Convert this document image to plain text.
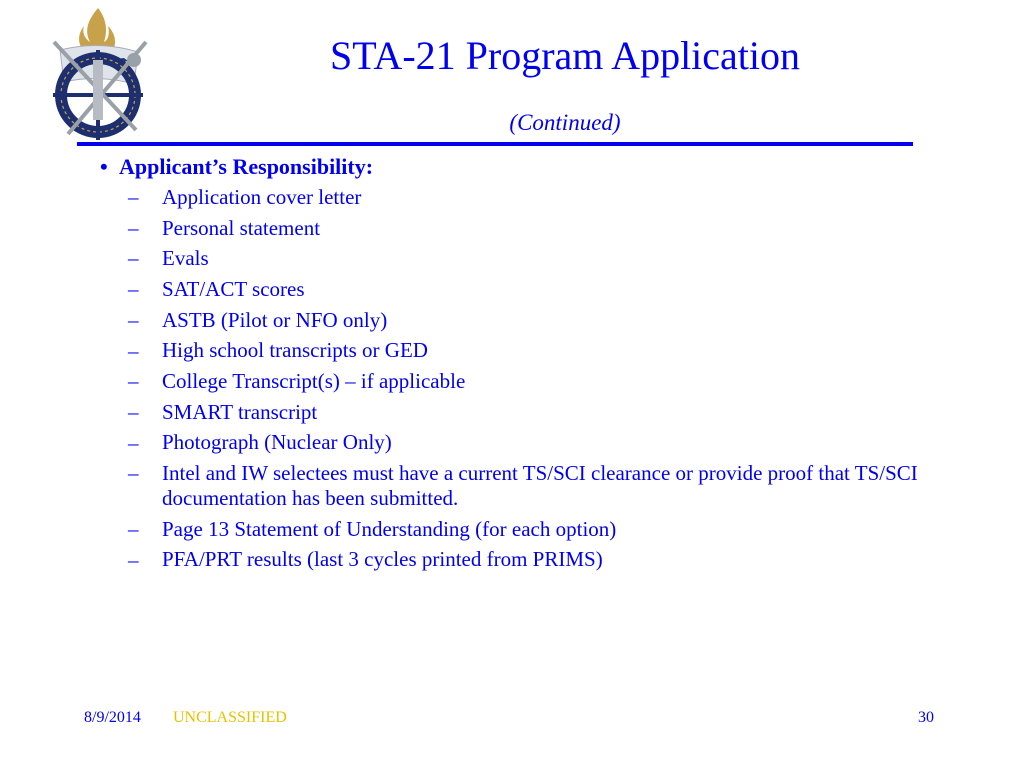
STA-21 Program Application
(Continued)
• Applicant’s Responsibility:
–	Application cover letter
–	Personal statement
–	Evals
–	SAT/ACT scores
–	ASTB (Pilot or NFO only)
–	High school transcripts or GED
–	College Transcript(s) – if applicable
–	SMART transcript
–	Photograph (Nuclear Only)
–	Intel and IW selectees must have a current TS/SCI clearance or provide proof that TS/SCI documentation has been submitted.
–	Page 13 Statement of Understanding (for each option)
–	PFA/PRT results (last 3 cycles printed from PRIMS)
8/9/2014 UNCLASSIFIED	30
